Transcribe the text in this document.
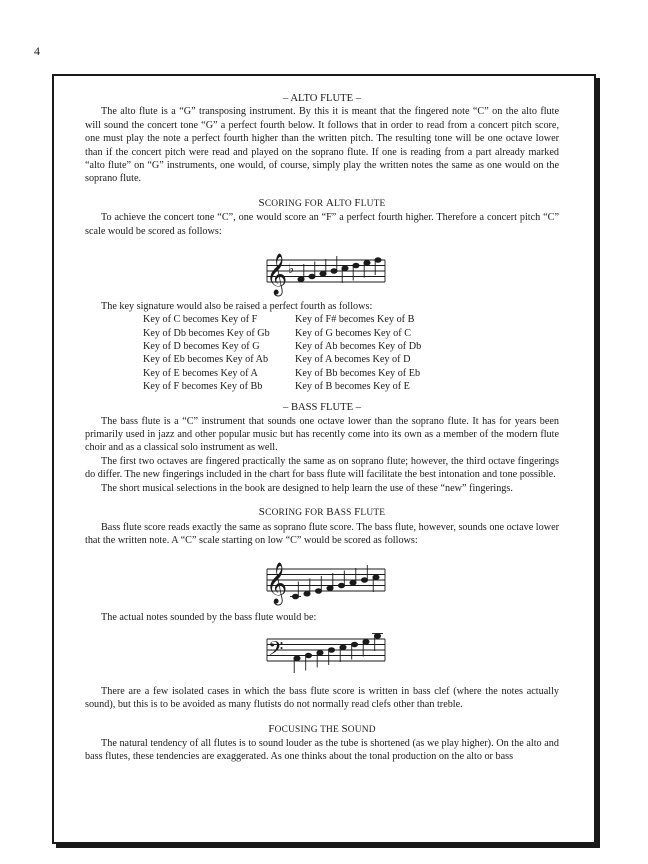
4
– ALTO FLUTE –

The alto flute is a “G” transposing instrument. By this it is meant that the fingered note “C” on the alto flute will sound the concert tone “G” a perfect fourth below. It follows that in order to read from a concert pitch score, one must play the note a perfect fourth higher than the written pitch. The resulting tone will be one octave lower than if the concert pitch were read and played on the soprano flute. If one is reading from a part already marked “alto flute” on “G” instruments, one would, of course, simply play the written notes the same as one would on the soprano flute.

SCORING FOR ALTO FLUTE

To achieve the concert tone “C”, one would score an “F” a perfect fourth higher. Therefore a concert pitch “C” scale would be scored as follows:

𝄞 ♭

The key signature would also be raised a perfect fourth as follows:

Key of C becomes Key of F	Key of F# becomes Key of B
Key of Db becomes Key of Gb	Key of G becomes Key of C
Key of D becomes Key of G	Key of Ab becomes Key of Db
Key of Eb becomes Key of Ab	Key of A becomes Key of D
Key of E becomes Key of A	Key of Bb becomes Key of Eb
Key of F becomes Key of Bb	Key of B becomes Key of E
– BASS FLUTE –

The bass flute is a “C” instrument that sounds one octave lower than the soprano flute. It has for years been primarily used in jazz and other popular music but has recently come into its own as a member of the modern flute choir and as a classical solo instrument as well.

The first two octaves are fingered practically the same as on soprano flute; however, the third octave fingerings do differ. The new fingerings included in the chart for bass flute will facilitate the best intonation and tone possible.

The short musical selections in the book are designed to help learn the use of these “new” fingerings.

SCORING FOR BASS FLUTE

Bass flute score reads exactly the same as soprano flute score. The bass flute, however, sounds one octave lower that the written note. A “C” scale starting on low “C” would be scored as follows:

𝄞

The actual notes sounded by the bass flute would be:

𝄢

There are a few isolated cases in which the bass flute score is written in bass clef (where the notes actually sound), but this is to be avoided as many flutists do not normally read clefs other than treble.

FOCUSING THE SOUND

The natural tendency of all flutes is to sound louder as the tube is shortened (as we play higher). On the alto and bass flutes, these tendencies are exaggerated. As one thinks about the tonal production on the alto or bass
